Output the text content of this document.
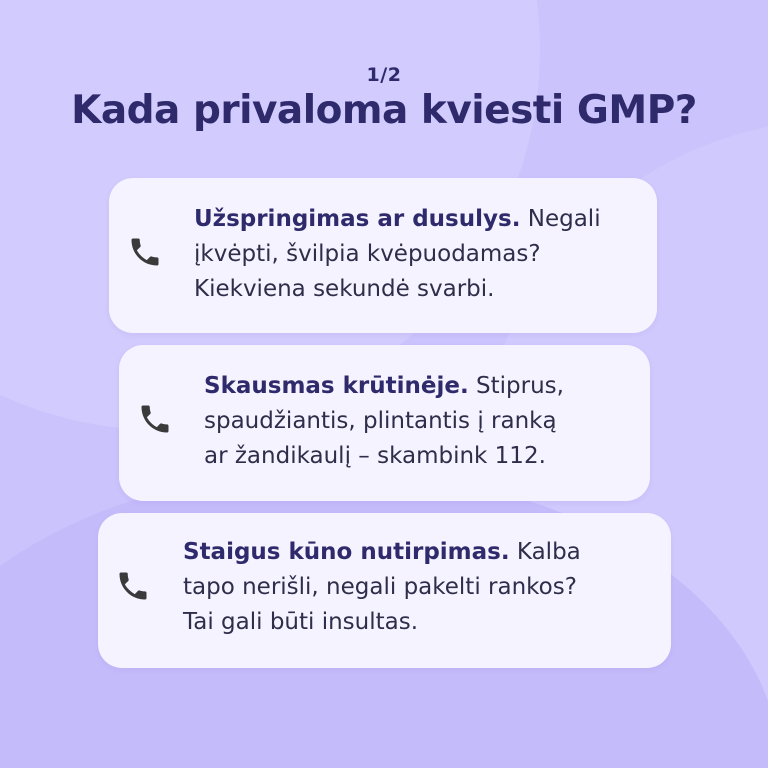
1/2
Kada privaloma kviesti GMP?
Užspringimas ar dusulys. Negali
įkvėpti, švilpia kvėpuodamas?
Kiekviena sekundė svarbi.
Skausmas krūtinėje. Stiprus,
spaudžiantis, plintantis į ranką
ar žandikaulį – skambink 112.
Staigus kūno nutirpimas. Kalba
tapo nerišli, negali pakelti rankos?
Tai gali būti insultas.
